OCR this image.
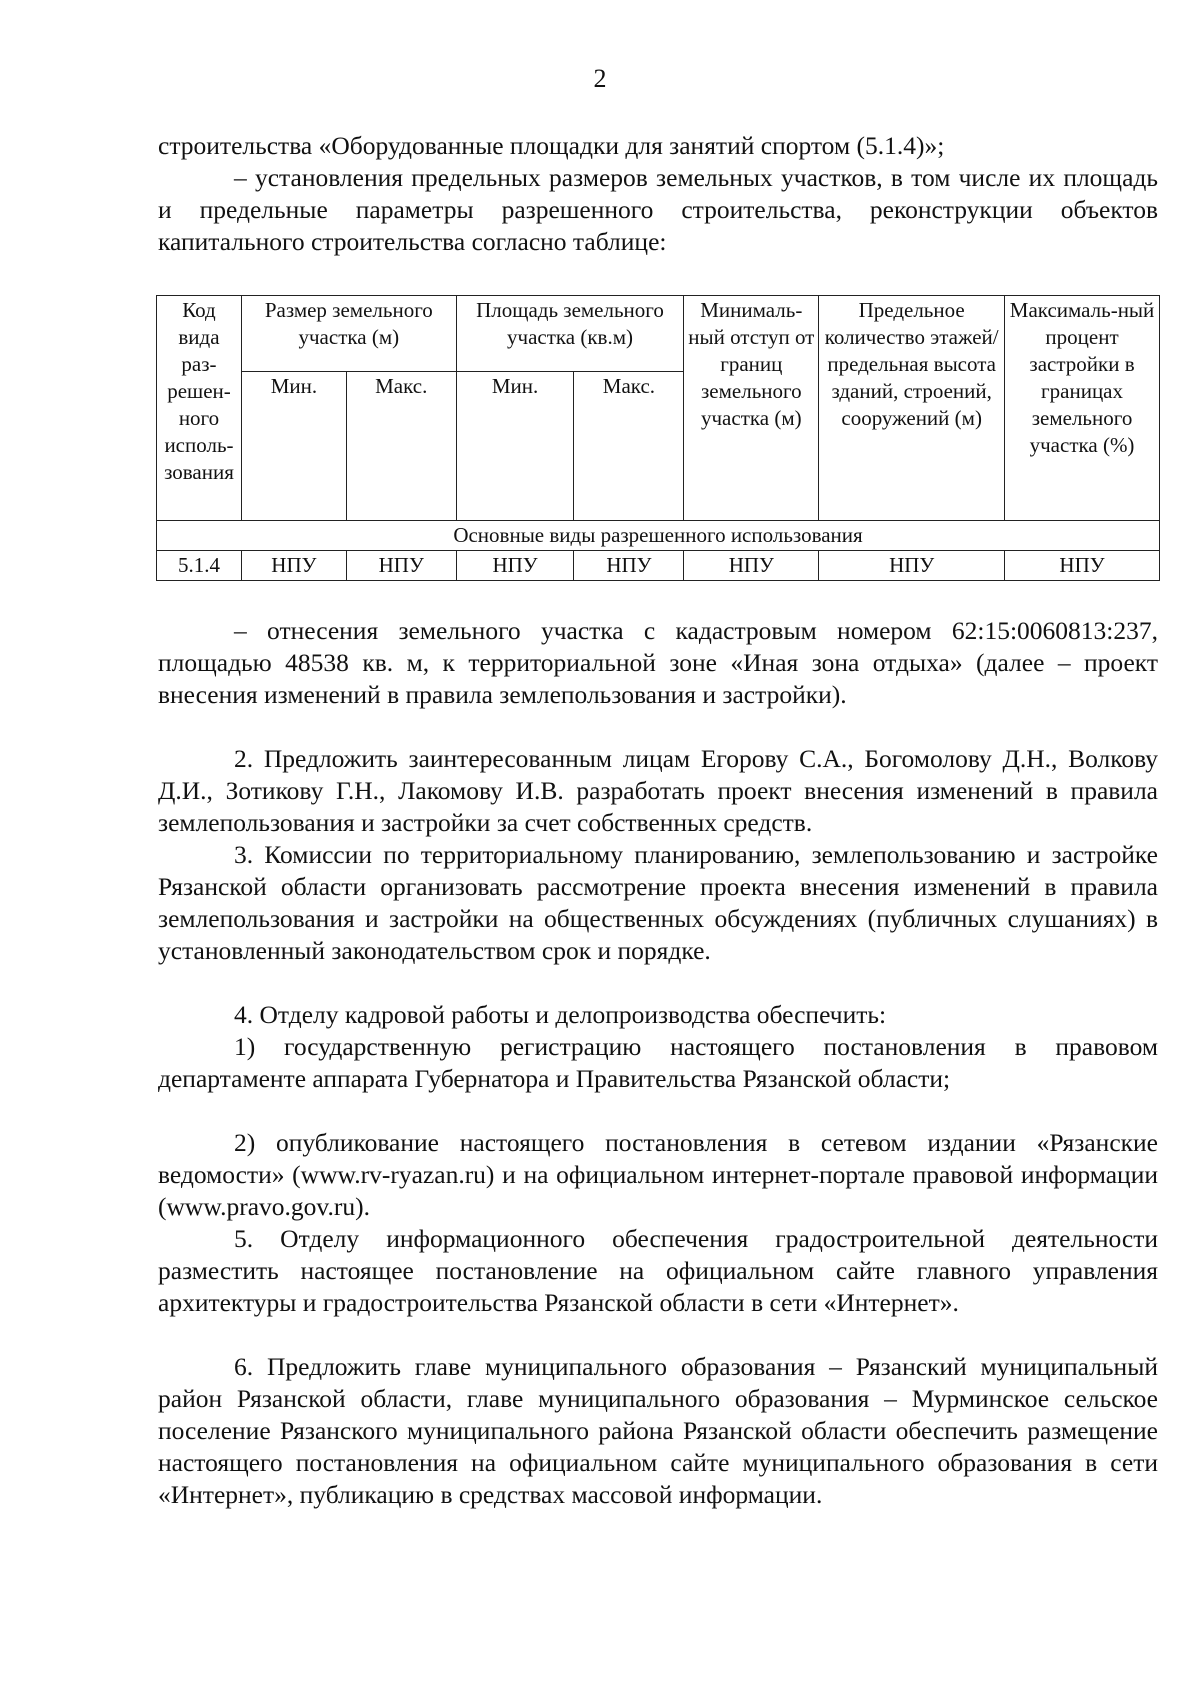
2
строительства «Оборудованные площадки для занятий спортом (5.1.4)»;
– установления предельных размеров земельных участков, в том числе их площадь и предельные параметры разрешенного строительства, реконструкции объектов капитального строительства согласно таблице:
Код вида раз-решен-ного исполь-зования	Размер земельного участка (м)		Площадь земельного участка (кв.м)		Минималь-ный отступ от границ земельного участка (м)	Предельное количество этажей/ предельная высота зданий, строений, сооружений (м)	Максималь-ный процент застройки в границах земельного участка (%)
	Мин.	Макс.	Мин.	Макс.			
Основные виды разрешенного использования							
5.1.4	НПУ	НПУ	НПУ	НПУ	НПУ	НПУ	НПУ
– отнесения земельного участка с кадастровым номером 62:15:0060813:237, площадью 48538 кв. м, к территориальной зоне «Иная зона отдыха» (далее – проект внесения изменений в правила землепользования и застройки).
2. Предложить заинтересованным лицам Егорову С.А., Богомолову Д.Н., Волкову Д.И., Зотикову Г.Н., Лакомову И.В. разработать проект внесения изменений в правила землепользования и застройки за счет собственных средств.
3. Комиссии по территориальному планированию, землепользованию и застройке Рязанской области организовать рассмотрение проекта внесения изменений в правила землепользования и застройки на общественных обсуждениях (публичных слушаниях) в установленный законодательством срок и порядке.
4. Отделу кадровой работы и делопроизводства обеспечить:
1) государственную регистрацию настоящего постановления в правовом департаменте аппарата Губернатора и Правительства Рязанской области;
2) опубликование настоящего постановления в сетевом издании «Рязанские ведомости» (www.rv-ryazan.ru) и на официальном интернет-портале правовой информации (www.pravo.gov.ru).
5. Отделу информационного обеспечения градостроительной деятельности разместить настоящее постановление на официальном сайте главного управления архитектуры и градостроительства Рязанской области в сети «Интернет».
6. Предложить главе муниципального образования – Рязанский муниципальный район Рязанской области, главе муниципального образования – Мурминское сельское поселение Рязанского муниципального района Рязанской области обеспечить размещение настоящего постановления на официальном сайте муниципального образования в сети «Интернет», публикацию в средствах массовой информации.
